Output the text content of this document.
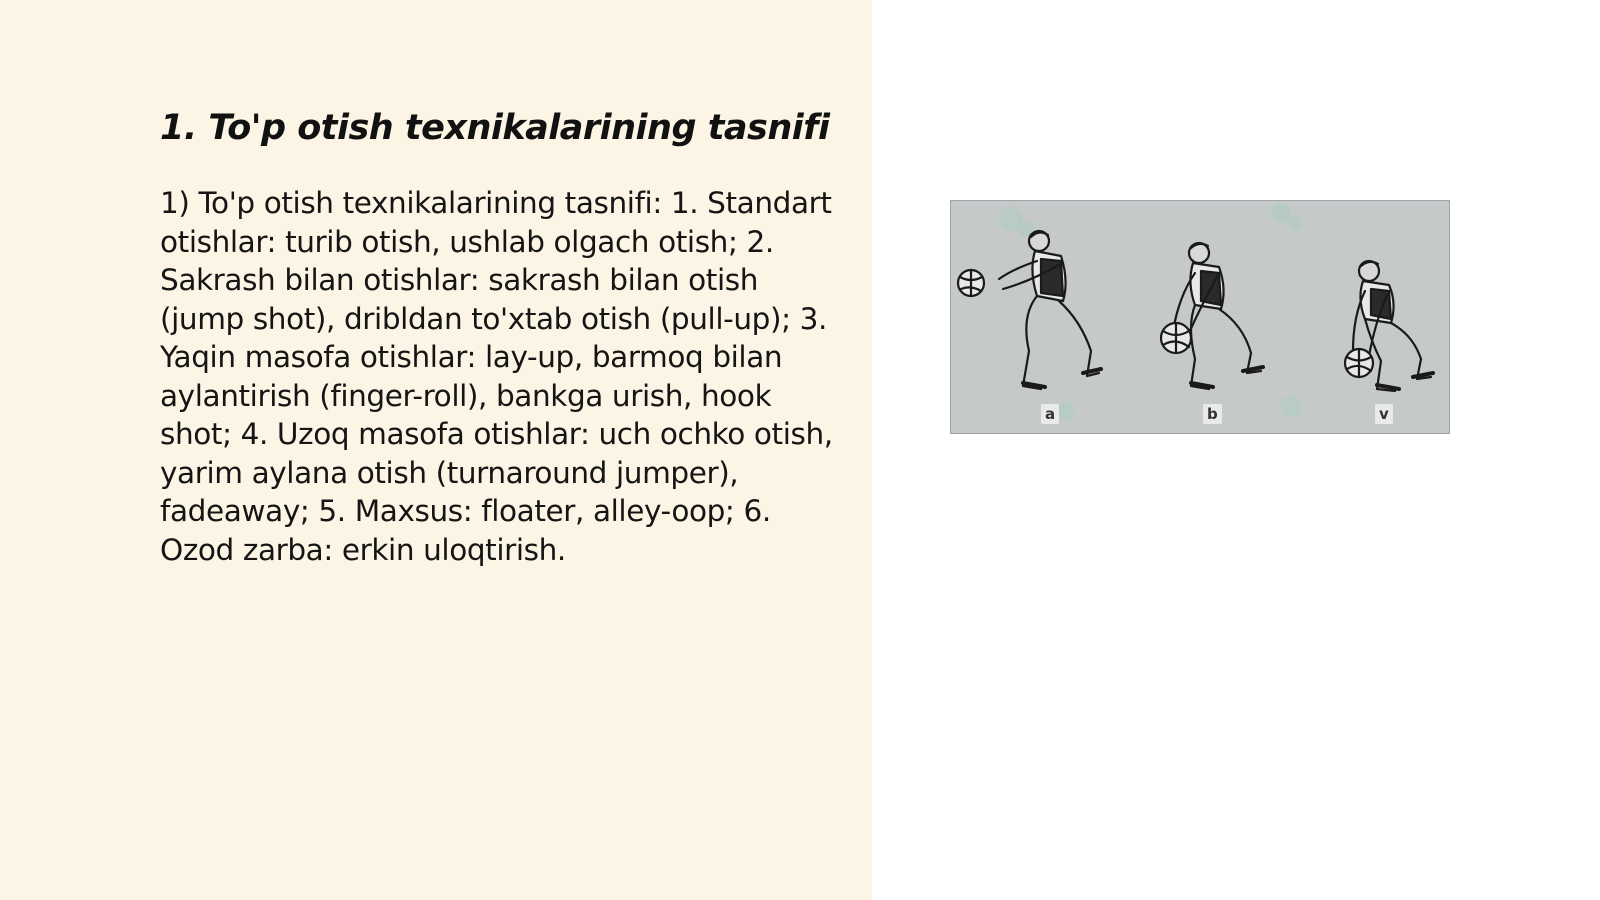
1. To'p otish texnikalarining tasnifi

1) To'p otish texnikalarining tasnifi: 1. Standart otishlar: turib otish, ushlab olgach otish; 2. Sakrash bilan otishlar: sakrash bilan otish (jump shot), dribldan to'xtab otish (pull-up); 3. Yaqin masofa otishlar: lay-up, barmoq bilan aylantirish (finger-roll), bankga urish, hook shot; 4. Uzoq masofa otishlar: uch ochko otish, yarim aylana otish (turnaround jumper), fadeaway; 5. Maxsus: floater, alley-oop; 6. Ozod zarba: erkin uloqtirish.

a	b	v
